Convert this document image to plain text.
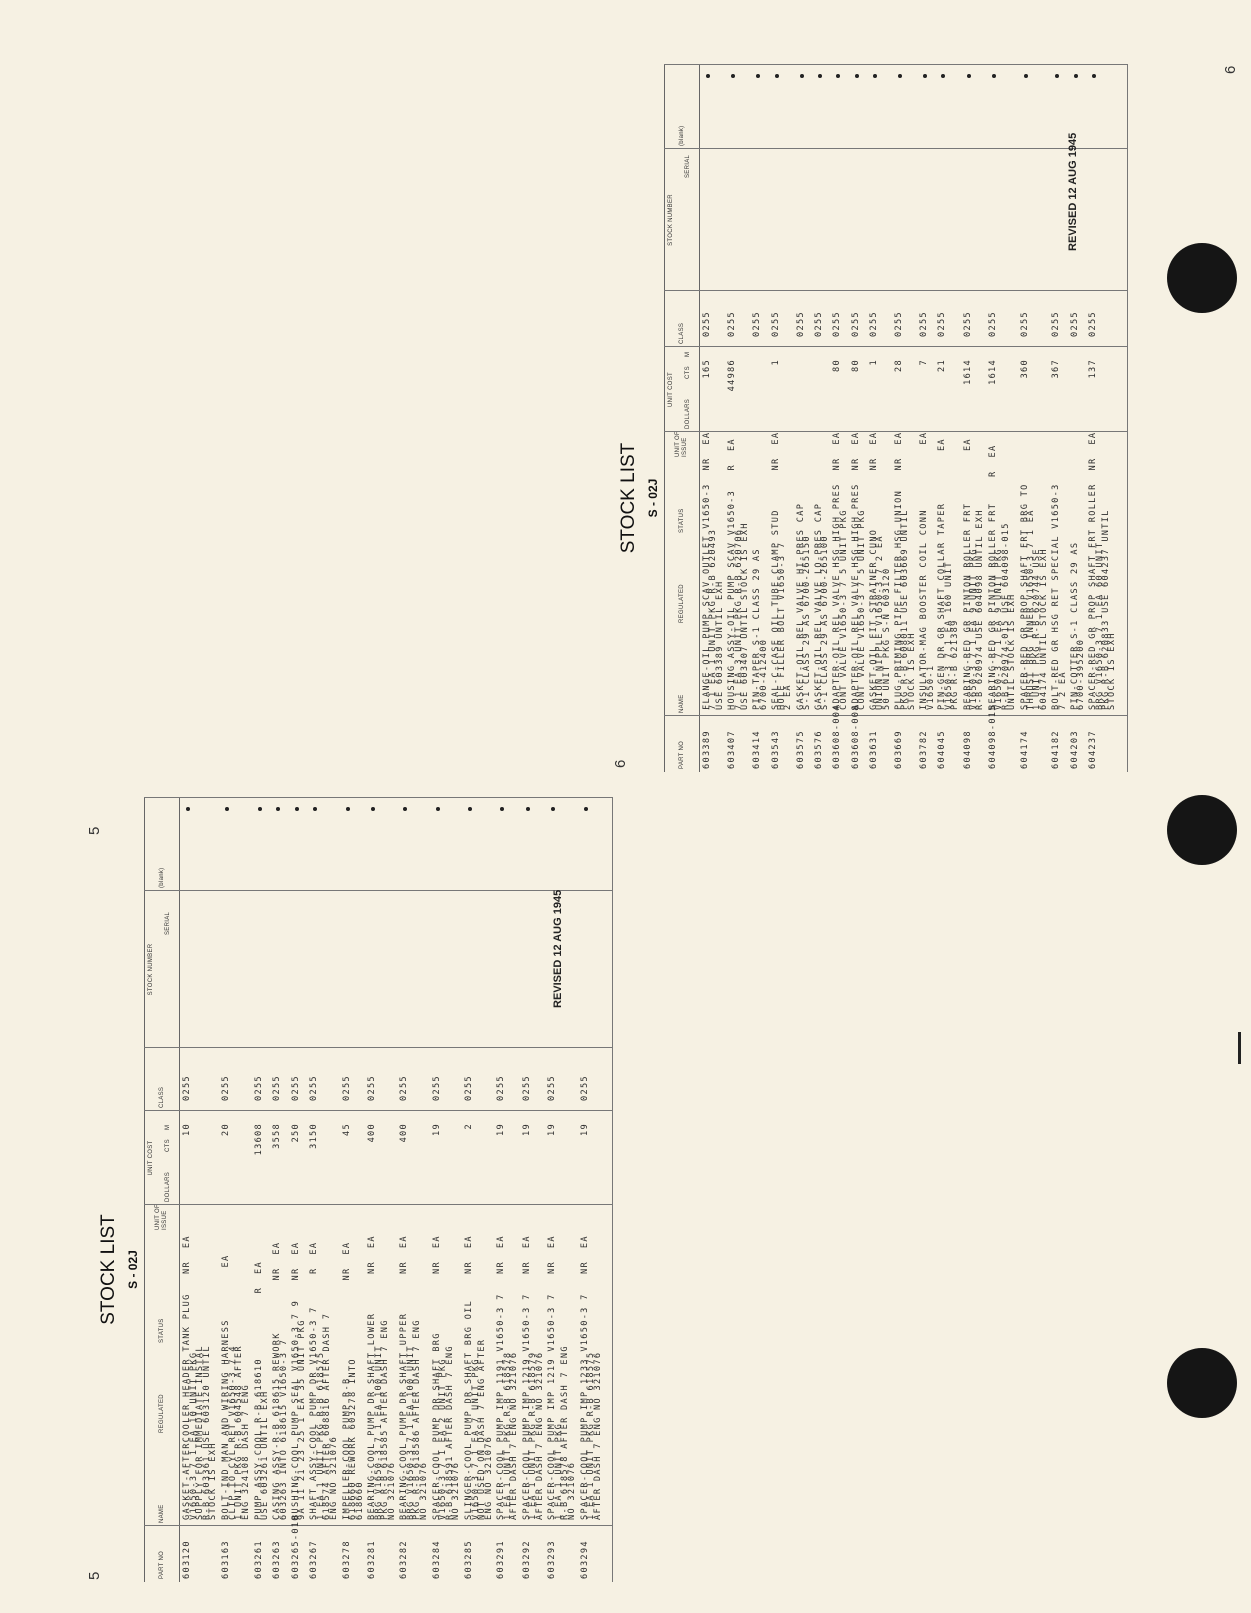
5
5
6
6
STOCK LIST S - 02J
PART NO
NAME
REGULATED
STATUS
UNIT OF ISSUE
UNIT COST
DOLLARS
CTS
M
CLASS
STOCK NUMBER
SERIAL
(blank)
603120
GASKET-AFTERCOOLER HEADER TANK PLUG   NR  EA
V1650-3 7 1 EA 10 UNIT PKG
SUPPLY FOR IMMEDIATE INSTAL
R-B 603361 USE 603120 UNTIL
STOCK IS EXH
10
0255
603163
BOLT-IND MAN AND WIRING HARNESS        EA
CLIP TO CYL RET V1650-3 7 4
1 UNIT PKG R-B 604548 AFTER
ENG 324108 DASH 7 ENG
20
0255
603261
PUMP ASSY-COOL R-B 618610          R  EA
USE 603261 UNTIL EXH
13608
0255
603263
CASING ASSY-R-B 618615 REWORK        NR  EA
603263 INTO 618615 V1650-3 7
3558
0255
603265-010
BUSHING-COOL PUMP SEAL V1650-3 7 9   NR  EA
9A 11 21 23 25 1 EA 35 UNIT PKG
250
0255
603267
SHAFT ASSY-COOL PUMP DR V1650-3 7     R  EA
1 EA 1 UNIT PKG R-B 618575
618574 AFTER 608816 AFTER DASH 7
ENG NO 321076
3150
0255
603278
IMPELLER-COOL PUMP R-B               NR  EA
618660 REWORK 603278 INTO
618660
45
0255
603281
BEARING-COOL PUMP DR SHAFT LOWER      NR  EA
BRG V1650-3 7 1 EA 100 UNIT
PKG R-B 618585 AFTER DASH 7 ENG
NO 321076
400
0255
603282
BEARING-COOL PUMP DR SHAFT UPPER      NR  EA
BRG V1650-3 7 1 EA 100 UNIT
PKG R-B 618586 AFTER DASH 7 ENG
NO 321076
400
0255
603284
SPACER-COOL PUMP DR SHAFT BRG         NR  EA
V1650-3 7 1 EA 2 UNIT PKG
R-B 618591 AFTER DASH 7 ENG
NO 321076
19
0255
603285
SLINGER-COOL PUMP DR SHAFT BRG OIL    NR  EA
V1650-3 7 1 EA 7 UNIT PKG
NOT USED ON DASH 7 ENG AFTER
ENG NO 321076
2
0255
603291
SPACER-COOL PUMP IMP 1191 V1650-3 7   NR  EA
1 EA 1 UNIT PKG R-B 618578
AFTER DASH 7 ENG NO 321076
19
0255
603292
SPACER-COOL PUMP IMP 1219 V1650-3 7   NR  EA
1 EA 1 UNIT PKG R-B 618579
AFTER DASH 7 ENG NO 321076
19
0255
603293
SPACER-COOL PUMP IMP 1219 V1650-3 7   NR  EA
1 EA 1 UNIT PKG
R-B 618578 AFTER DASH 7 ENG
NO 321076
19
0255
603294
SPACER-COOL PUMP IMP 1233 V1650-3 7   NR  EA
1 EA 1 UNIT PKG R-B 618575
AFTER DASH 7 ENG NO 321076
19
0255
REVISED 12 AUG 1945
STOCK LIST S - 02J
PART NO
NAME
REGULATED
STATUS
UNIT OF ISSUE
UNIT COST
DOLLARS
CTS
M
CLASS
STOCK NUMBER
SERIAL
(blank)
603389
FLANGE-OIL PUMP SCAV OUTLET V1650-3  NR  EA
7 1 EA 1 UNIT PKG R-B 620493
USE 603389 UNTIL EXH
165
0255
603407
HOUSING ASSY-OIL PUMP SCAV V1650-3   R  EA
7 1 EA 3 UNIT PKG R-B 620706
USE 603407 UNTIL STOCK IS EXH
44986
0255
603414
PIN-TAPER S-1 CLASS 29 AS
6700-412400
0255
603543
SEAL-C-CASE OIL TUBE CLAMP STUD      NR  EA
HOLE FILLER BOLT V1650-3 7
2 EA
1
0255
603575
GASKET-OIL REL VALVE HI-PRES CAP
S-1 CLASS 29 AS 6700-265150
0255
603576
GASKET-OIL REL VALVE LO-PRES CAP
S-1 CLASS 29 AS 6700-265100
0255
603608-004
ADAPTER-OIL REL VALVE HSG HIGH PRES  NR  EA
CONT VALVE V1650-3 7 5 UNIT PKG
80
0255
603608-008
ADAPTER-OIL REL VALVE HSG HIGH PRES  NR  EA
CONT VALVE V1650-3 7 5 UNIT PKG
80
0255
603631
GASKET-OIL FIT STRAINER CUNO         NR  EA
UNION NIPPLE V1650-3 7 2 EA
50 UNIT PKG S-N 603120
1
0255
603669
PLUG-PRIMING PIPE FILTER HSG UNION   NR  EA
PKG R-B 608011 USE 603669 UNTIL
STOCK IS EXH
28
0255
603782
INSULATOR-MAG BOOSTER COIL CONN          EA
V1650-1
7
0255
604045
PIN-GEN DR GR SHAFT COLLAR TAPER        EA
V1650-3 7 1 EA 160 UNIT
PKG R-B 621389
21
0255
604098
BEARING-RED GR PINION ROLLER FRT        EA
V1650-3 7 1 EA 9 UNIT PKG
R-B 620974 USE 604098 UNTIL EXH
1614
0255
604098-015
BEARING-RED GR PINION ROLLER FRT    R  EA
V1650-3 7 1 EA 9 UNIT PKG
R-B 620974-015 USE 604098-015
UNTIL STOCK IS EXH
1614
0255
604174
SPACER-RED GR PROP SHAFT FRT BRG TO
THRUST BRG INNER V1650-3 7 1 EA
1 UNIT PKG R-B 620744 USE
604174 UNTIL STOCK IS EXH
360
0255
604182
BOLT-RED GR HSG RET SPECIAL V1650-3
7 2 EA
367
0255
604203
PIN-COTTER S-1 CLASS 29 AS
6700-395200
0255
604237
SPACER-RED GR PROP SHAFT FRT ROLLER  NR  EA
BRG V1650-3 7 1 EA 60 UNIT
PKG R-B 620833 USE 604237 UNTIL
STOCK IS EXH
137
0255
REVISED 12 AUG 1945
